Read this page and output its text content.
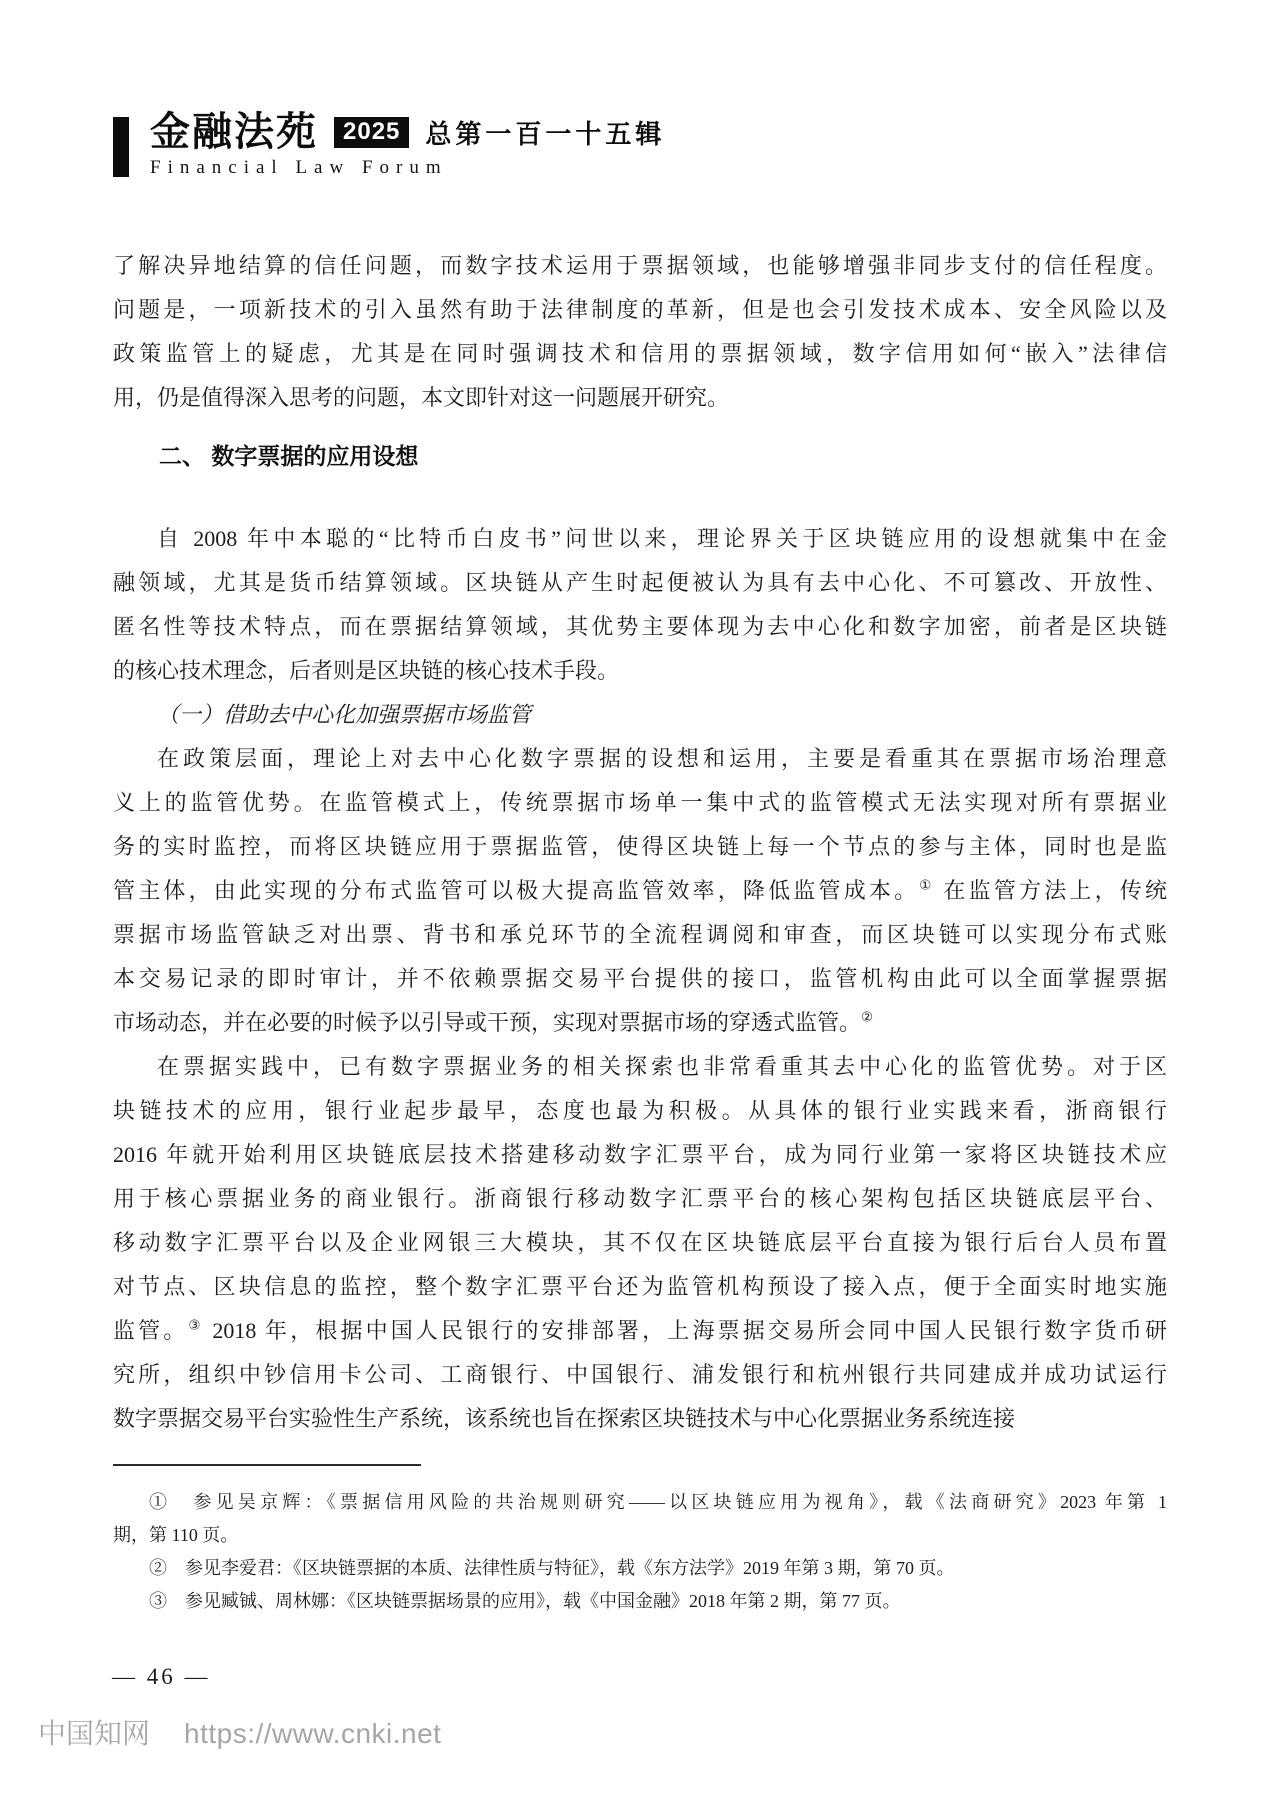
金融法苑	2025 总第一百一十五辑
Financial Law Forum
了解决异地结算的信任问题，而数字技术运用于票据领域，也能够增强非同步支付的信任程度。
问题是，一项新技术的引入虽然有助于法律制度的革新，但是也会引发技术成本、安全风险以及
政策监管上的疑虑，尤其是在同时强调技术和信用的票据领域，数字信用如何“嵌入”法律信
用，仍是值得深入思考的问题，本文即针对这一问题展开研究。
二、 数字票据的应用设想
自 2008 年中本聪的“比特币白皮书”问世以来，理论界关于区块链应用的设想就集中在金
融领域，尤其是货币结算领域。区块链从产生时起便被认为具有去中心化、不可篡改、开放性、
匿名性等技术特点，而在票据结算领域，其优势主要体现为去中心化和数字加密，前者是区块链
的核心技术理念，后者则是区块链的核心技术手段。
（一）借助去中心化加强票据市场监管
在政策层面，理论上对去中心化数字票据的设想和运用，主要是看重其在票据市场治理意
义上的监管优势。在监管模式上，传统票据市场单一集中式的监管模式无法实现对所有票据业
务的实时监控，而将区块链应用于票据监管，使得区块链上每一个节点的参与主体，同时也是监
管主体，由此实现的分布式监管可以极大提高监管效率，降低监管成本。① 在监管方法上，传统
票据市场监管缺乏对出票、背书和承兑环节的全流程调阅和审查，而区块链可以实现分布式账
本交易记录的即时审计，并不依赖票据交易平台提供的接口，监管机构由此可以全面掌握票据
市场动态，并在必要的时候予以引导或干预，实现对票据市场的穿透式监管。②
在票据实践中，已有数字票据业务的相关探索也非常看重其去中心化的监管优势。对于区
块链技术的应用，银行业起步最早，态度也最为积极。从具体的银行业实践来看，浙商银行
2016 年就开始利用区块链底层技术搭建移动数字汇票平台，成为同行业第一家将区块链技术应
用于核心票据业务的商业银行。浙商银行移动数字汇票平台的核心架构包括区块链底层平台、
移动数字汇票平台以及企业网银三大模块，其不仅在区块链底层平台直接为银行后台人员布置
对节点、区块信息的监控，整个数字汇票平台还为监管机构预设了接入点，便于全面实时地实施
监管。③ 2018 年，根据中国人民银行的安排部署，上海票据交易所会同中国人民银行数字货币研
究所，组织中钞信用卡公司、工商银行、中国银行、浦发银行和杭州银行共同建成并成功试运行
数字票据交易平台实验性生产系统，该系统也旨在探索区块链技术与中心化票据业务系统连接
①　参见吴京辉：《票据信用风险的共治规则研究——以区块链应用为视角》，载《法商研究》2023 年第 1
期，第 110 页。
②　参见李爱君：《区块链票据的本质、法律性质与特征》，载《东方法学》2019 年第 3 期，第 70 页。
③　参见臧铖、周林娜：《区块链票据场景的应用》，载《中国金融》2018 年第 2 期，第 77 页。
— 46 —
中国知网 https://www.cnki.net
